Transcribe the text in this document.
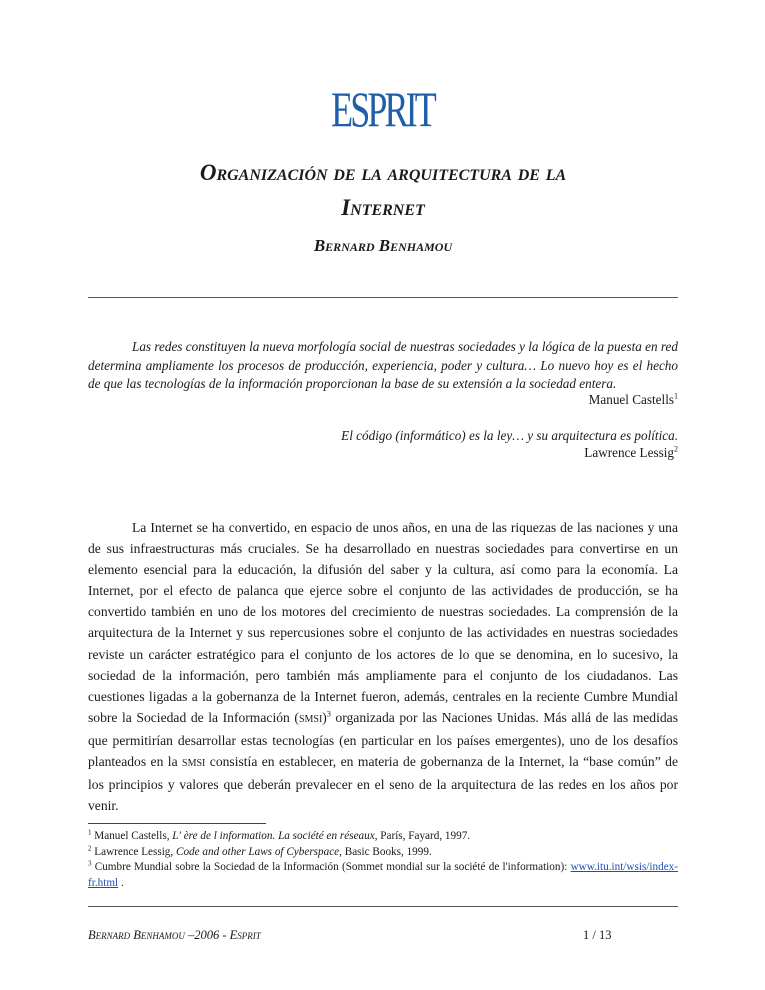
ESPRIT
Organización de la arquitectura de la
Internet
Bernard Benhamou
Las redes constituyen la nueva morfología social de nuestras sociedades y la lógica de la puesta en red determina ampliamente los procesos de producción, experiencia, poder y cultura… Lo nuevo hoy es el hecho de que las tecnologías de la información proporcionan la base de su extensión a la sociedad entera.
Manuel Castells$^1$
El código (informático) es la ley… y su arquitectura es política.
Lawrence Lessig$^2$
La Internet se ha convertido, en espacio de unos años, en una de las riquezas de las naciones y una de sus infraestructuras más cruciales. Se ha desarrollado en nuestras sociedades para convertirse en un elemento esencial para la educación, la difusión del saber y la cultura, así como para la economía. La Internet, por el efecto de palanca que ejerce sobre el conjunto de las actividades de producción, se ha convertido también en uno de los motores del crecimiento de nuestras sociedades. La comprensión de la arquitectura de la Internet y sus repercusiones sobre el conjunto de las actividades en nuestras sociedades reviste un carácter estratégico para el conjunto de los actores de lo que se denomina, en lo sucesivo, la sociedad de la información, pero también más ampliamente para el conjunto de los ciudadanos. Las cuestiones ligadas a la gobernanza de la Internet fueron, además, centrales en la reciente Cumbre Mundial sobre la Sociedad de la Información (SMSI)$^3$ organizada por las Naciones Unidas. Más allá de las medidas que permitirían desarrollar estas tecnologías (en particular en los países emergentes), uno de los desafíos planteados en la SMSI consistía en establecer, en materia de gobernanza de la Internet, la “base común” de los principios y valores que deberán prevalecer en el seno de la arquitectura de las redes en los años por venir.
$^1$ Manuel Castells, L' ère de l information. La société en réseaux, París, Fayard, 1997.
$^2$ Lawrence Lessig, Code and other Laws of Cyberspace, Basic Books, 1999.
$^3$ Cumbre Mundial sobre la Sociedad de la Información (Sommet mondial sur la société de l'information): www.itu.int/wsis/index-fr.html .
Bernard Benhamou –2006 - Esprit	1 / 13
